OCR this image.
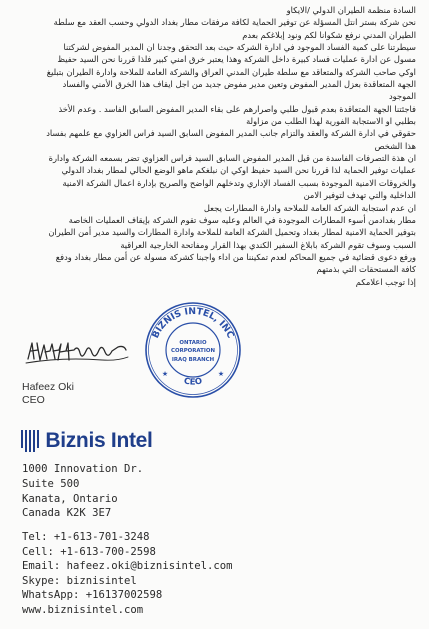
السادة منظمة الطيران الدولي /الايكاو
نحن شركة بستر انتل المسؤلة عن توفير الحماية لكافة مرفقات مطار بغداد الدولي وحسب العقد مع سلطة
الطيران المدني نرفع شكوانا لكم ونود إبلاغكم بعدم
سيطرتنا على كمية الفساد الموجود في ادارة الشركة حيث بعد التحقق وجدنا ان المدير المفوض لشركتنا
مسول عن ادارة عمليات فساد كبيرة داخل الشركة وهذا يعتبر خرق امني كبير فلذا قررنا نحن السيد حفيظ
اوكي صاحب الشركة والمتعاقد مع سلطة طيران المدني العراق والشركة العامة للملاحة وادارة الطيران بتبليغ
الجهة المتعاقدة بعزل المدير المفوض وتعين مدير مفوض جديد من اجل ايقاف هذا الخرق الأمني والفساد
الموجود
فاجئتنا الجهة المتعاقدة بعدم قبول طلبي واصرارهم على بقاء المدير المفوض السابق الفاسد . وعدم الأخذ
بطلبي او الاستجابة الفورية لهذا الطلب من مزاولة
حقوقي في ادارة الشركة والعقد والتزام جانب المدير المفوض السابق السيد فراس العزاوي مع علمهم بفساد
هذا الشخص
ان هذة التصرفات الفاسدة من قبل المدير المفوض السابق السيد فراس العزاوي تضر بسمعه الشركة وادارة
عمليات توفير الحماية لذا قررنا نحن السيد حفيظ اوكي ان نبلغكم ماهو الوضع الحالي لمطار بغداد الدولي
والخروقات الامنية الموجودة بسبب الفساد الإداري وتدخلهم الواضح والصريح بإدارة اعمال الشركة الامنية
الداخلية والتي تهدف لتوفير الامن
ان عدم استجابة الشركة العامة للملاحة وادارة المطارات يجعل
مطار بغدادمن أسوء المطارات الموجودة في العالم وعليه سوف تقوم الشركة بإيقاف العمليات الخاصة
بتوفير الحماية الامنية لمطار بغداد وتحميل الشركة العامة للملاحة وادارة المطارات والسيد مدير أمن الطيران
السبب وسوف تقوم الشركة بابلاغ السفير الكندي بهذا القرار ومفاتحة الخارجية العراقية
ورفع دعوى قضائية في جميع المحاكم لعدم تمكيننا من اداء واجبنا كشركة مسولة عن أمن مطار بغداد ودفع
كافة المستحقات التي بذمتهم
إذا توجب اعلامكم
BIZNIS INTEL, INC
ONTARIO
CORPORATION
IRAQ BRANCH
CEO
★	★
Hafeez Oki
CEO
Biznis Intel
1000 Innovation Dr.
Suite 500
Kanata, Ontario
Canada K2K 3E7
Tel: +1-613-701-3248
Cell: +1-613-700-2598
Email: hafeez.oki@biznisintel.com
Skype: biznisintel
WhatsApp: +16137002598
www.biznisintel.com
